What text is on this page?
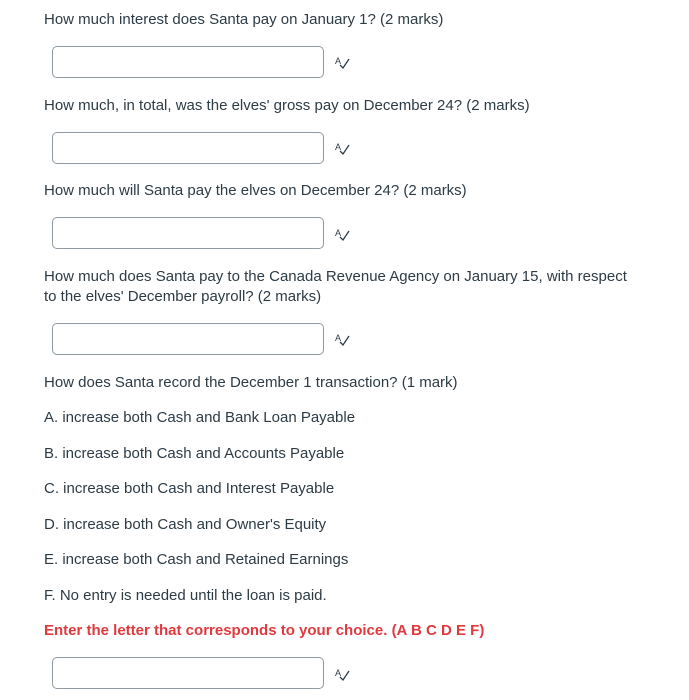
How much interest does Santa pay on January 1? (2 marks)

A

How much, in total, was the elves' gross pay on December 24? (2 marks)

A

How much will Santa pay the elves on December 24? (2 marks)

A

How much does Santa pay to the Canada Revenue Agency on January 15, with respect to the elves' December payroll? (2 marks)

A

How does Santa record the December 1 transaction? (1 mark)

A. increase both Cash and Bank Loan Payable

B. increase both Cash and Accounts Payable

C. increase both Cash and Interest Payable

D. increase both Cash and Owner's Equity

E. increase both Cash and Retained Earnings

F. No entry is needed until the loan is paid.

Enter the letter that corresponds to your choice. (A B C D E F)

A
